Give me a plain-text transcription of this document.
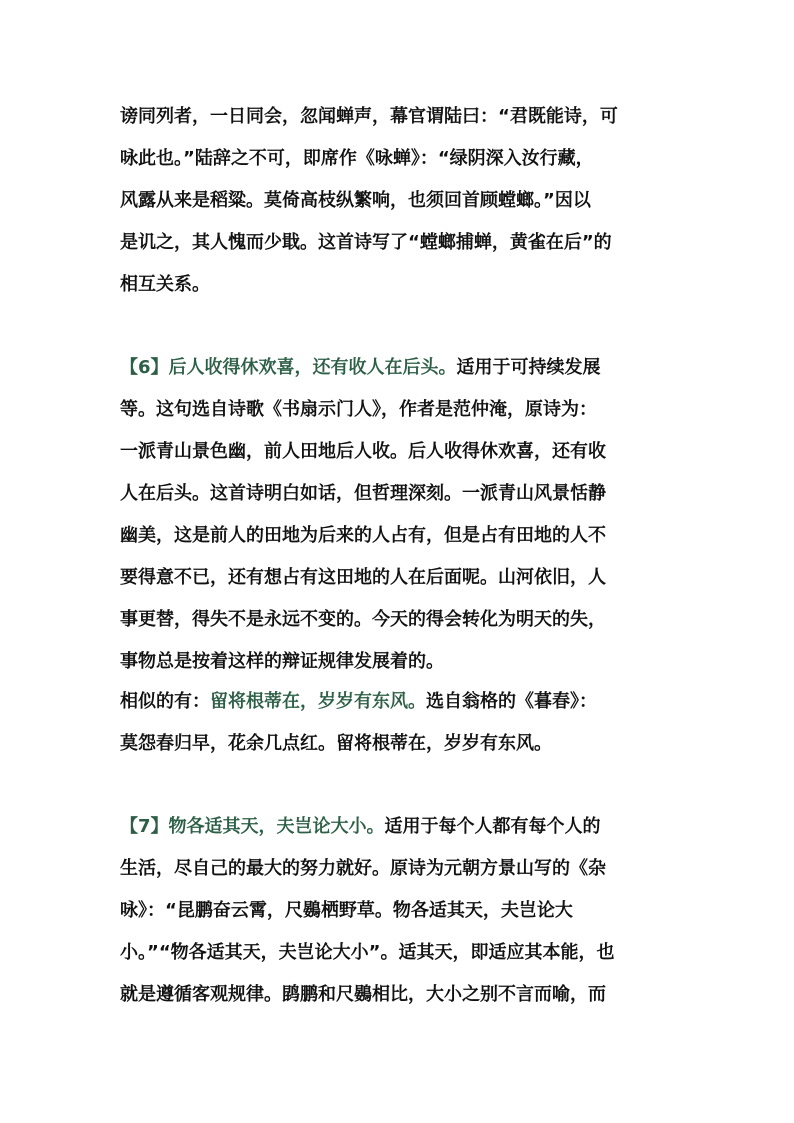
谤同列者，一日同会，忽闻蝉声，幕官谓陆曰：“君既能诗，可
咏此也。”陆辞之不可，即席作《咏蝉》：“绿阴深入汝行藏，
风露从来是稻粱。莫倚高枝纵繁响，也须回首顾螳螂。”因以
是讥之，其人愧而少戢。这首诗写了“螳螂捕蝉，黄雀在后”的
相互关系。
【6】后人收得休欢喜，还有收人在后头。适用于可持续发展
等。这句选自诗歌《书扇示门人》，作者是范仲淹，原诗为：
一派青山景色幽，前人田地后人收。后人收得休欢喜，还有收
人在后头。这首诗明白如话，但哲理深刻。一派青山风景恬静
幽美，这是前人的田地为后来的人占有，但是占有田地的人不
要得意不已，还有想占有这田地的人在后面呢。山河依旧，人
事更替，得失不是永远不变的。今天的得会转化为明天的失，
事物总是按着这样的辩证规律发展着的。
相似的有：留将根蒂在，岁岁有东风。选自翁格的《暮春》：
莫怨春归早，花余几点红。留将根蒂在，岁岁有东风。
【7】物各适其天，夫岂论大小。适用于每个人都有每个人的
生活，尽自己的最大的努力就好。原诗为元朝方景山写的《杂
咏》：“昆鹏奋云霄，尺鷃栖野草。物各适其天，夫岂论大
小。”“物各适其天，夫岂论大小”。适其天，即适应其本能，也
就是遵循客观规律。鹍鹏和尺鷃相比，大小之别不言而喻，而
